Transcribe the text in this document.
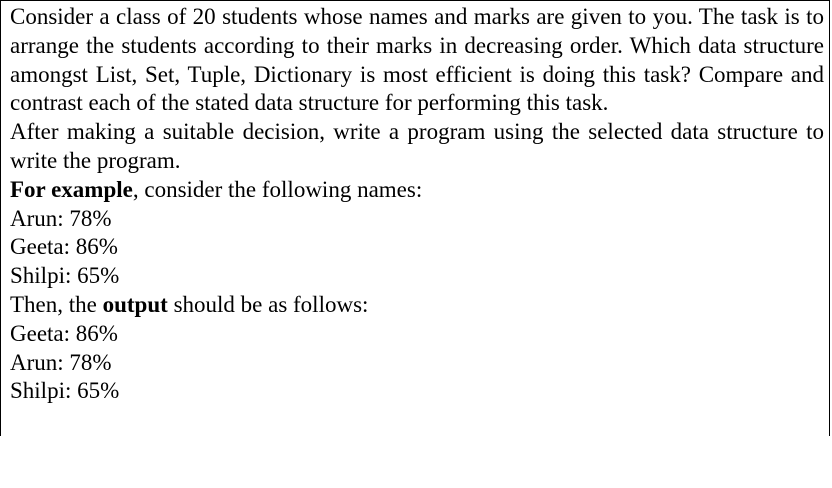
Consider a class of 20 students whose names and marks are given to you. The task is to arrange the students according to their marks in decreasing order. Which data structure amongst List, Set, Tuple, Dictionary is most efficient is doing this task? Compare and contrast each of the stated data structure for performing this task.

After making a suitable decision, write a program using the selected data structure to write the program.

For example, consider the following names:

Arun: 78%

Geeta: 86%

Shilpi: 65%

Then, the output should be as follows:

Geeta: 86%

Arun: 78%

Shilpi: 65%
